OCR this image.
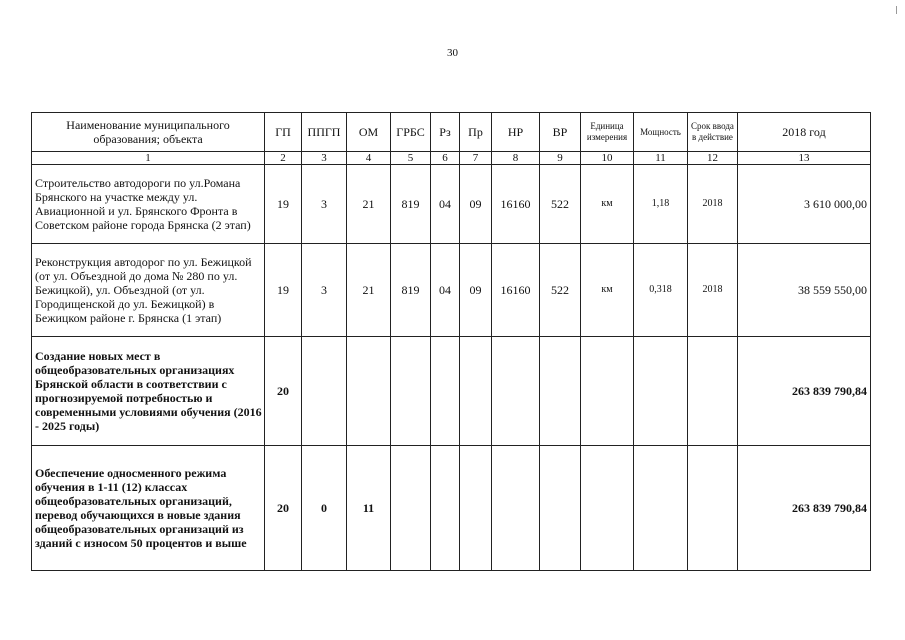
30
Наименование муниципального образования; объекта	ГП	ППГП	ОМ	ГРБС	Рз	Пр	НР	ВР	Единица измерения	Мощность	Срок ввода в действие	2018 год
1	2	3	4	5	6	7	8	9	10	11	12	13
Строительство автодороги по ул.Романа Брянского на участке между ул. Авиационной и ул. Брянского Фронта в Советском районе города Брянска (2 этап)	19	3	21	819	04	09	16160	522	км	1,18	2018	3 610 000,00
Реконструкция автодорог по ул. Бежицкой (от ул. Объездной до дома № 280 по ул. Бежицкой), ул. Объездной (от ул. Городищенской до ул. Бежицкой) в Бежицком районе г. Брянска (1 этап)	19	3	21	819	04	09	16160	522	км	0,318	2018	38 559 550,00
Создание новых мест в общеобразовательных организациях Брянской области в соответствии с прогнозируемой потребностью и современными условиями обучения (2016 - 2025 годы)	20											263 839 790,84
Обеспечение односменного режима обучения в 1-11 (12) классах общеобразовательных организаций, перевод обучающихся в новые здания общеобразовательных организаций из зданий с износом 50 процентов и выше	20	0	11									263 839 790,84
